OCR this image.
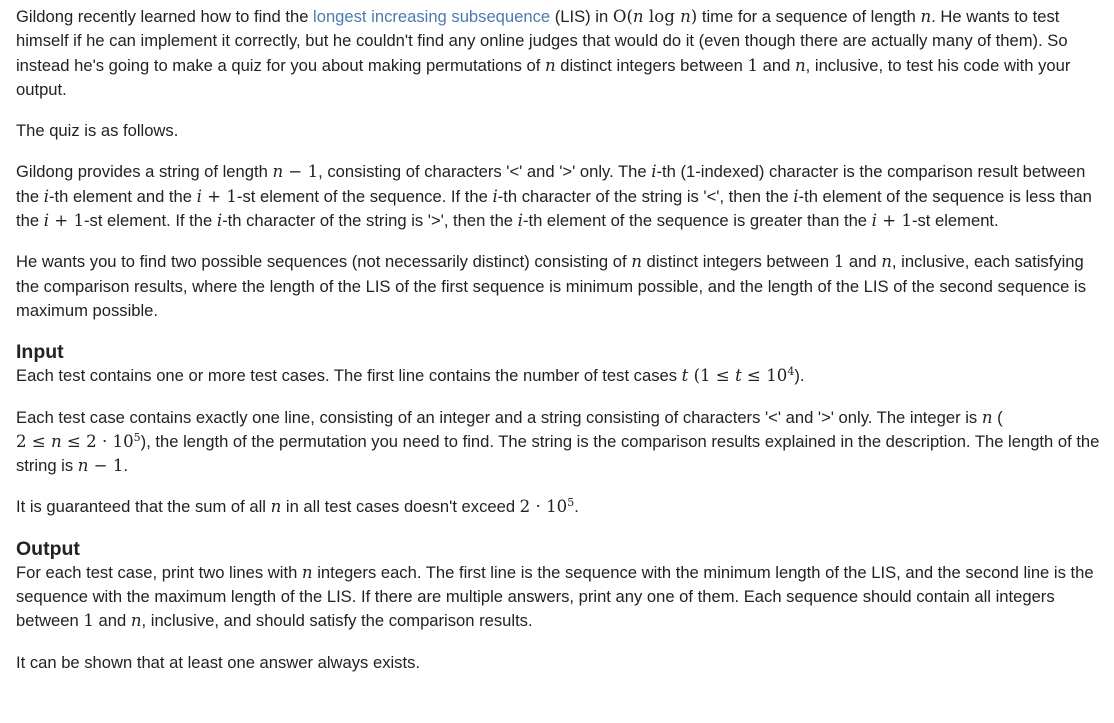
Gildong recently learned how to find the longest increasing subsequence (LIS) in O(n log n) time for a sequence of length n. He wants to test himself if he can implement it correctly, but he couldn't find any online judges that would do it (even though there are actually many of them). So instead he's going to make a quiz for you about making permutations of n distinct integers between 1 and n, inclusive, to test his code with your output.

The quiz is as follows.

Gildong provides a string of length n − 1, consisting of characters '<' and '>' only. The i-th (1-indexed) character is the comparison result between the i-th element and the i + 1-st element of the sequence. If the i-th character of the string is '<', then the i-th element of the sequence is less than the i + 1-st element. If the i-th character of the string is '>', then the i-th element of the sequence is greater than the i + 1-st element.

He wants you to find two possible sequences (not necessarily distinct) consisting of n distinct integers between 1 and n, inclusive, each satisfying the comparison results, where the length of the LIS of the first sequence is minimum possible, and the length of the LIS of the second sequence is maximum possible.

Input

Each test contains one or more test cases. The first line contains the number of test cases t $(1 \le t \le 10^4)$.

Each test case contains exactly one line, consisting of an integer and a string consisting of characters '<' and '>' only. The integer is n (
$2 \le n \le 2 \cdot 10^5$), the length of the permutation you need to find. The string is the comparison results explained in the description. The length of the string is n − 1.

It is guaranteed that the sum of all n in all test cases doesn't exceed $2 \cdot 10^5$.

Output

For each test case, print two lines with n integers each. The first line is the sequence with the minimum length of the LIS, and the second line is the sequence with the maximum length of the LIS. If there are multiple answers, print any one of them. Each sequence should contain all integers between 1 and n, inclusive, and should satisfy the comparison results.

It can be shown that at least one answer always exists.
